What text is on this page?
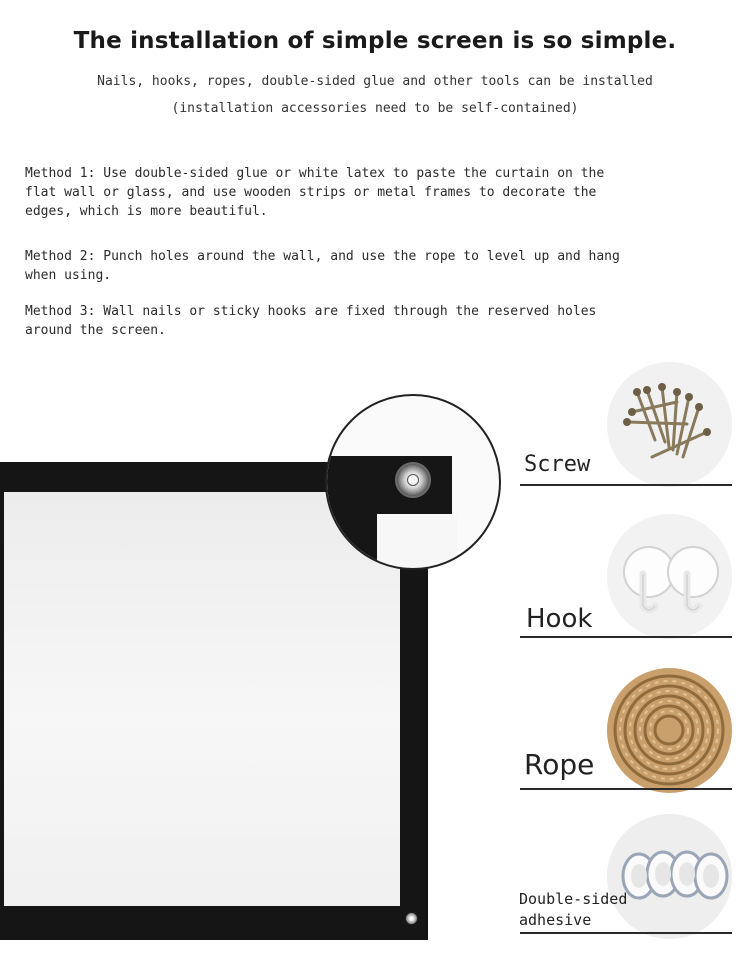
The installation of simple screen is so simple.
Nails, hooks, ropes, double-sided glue and other tools can be installed
(installation accessories need to be self-contained)
Method 1: Use double-sided glue or white latex to paste the curtain on the flat wall or glass, and use wooden strips or metal frames to decorate the edges, which is more beautiful.
Method 2: Punch holes around the wall, and use the rope to level up and hang when using.
Method 3: Wall nails or sticky hooks are fixed through the reserved holes around the screen.
Screw
Hook
Rope
Double-sided
adhesive
